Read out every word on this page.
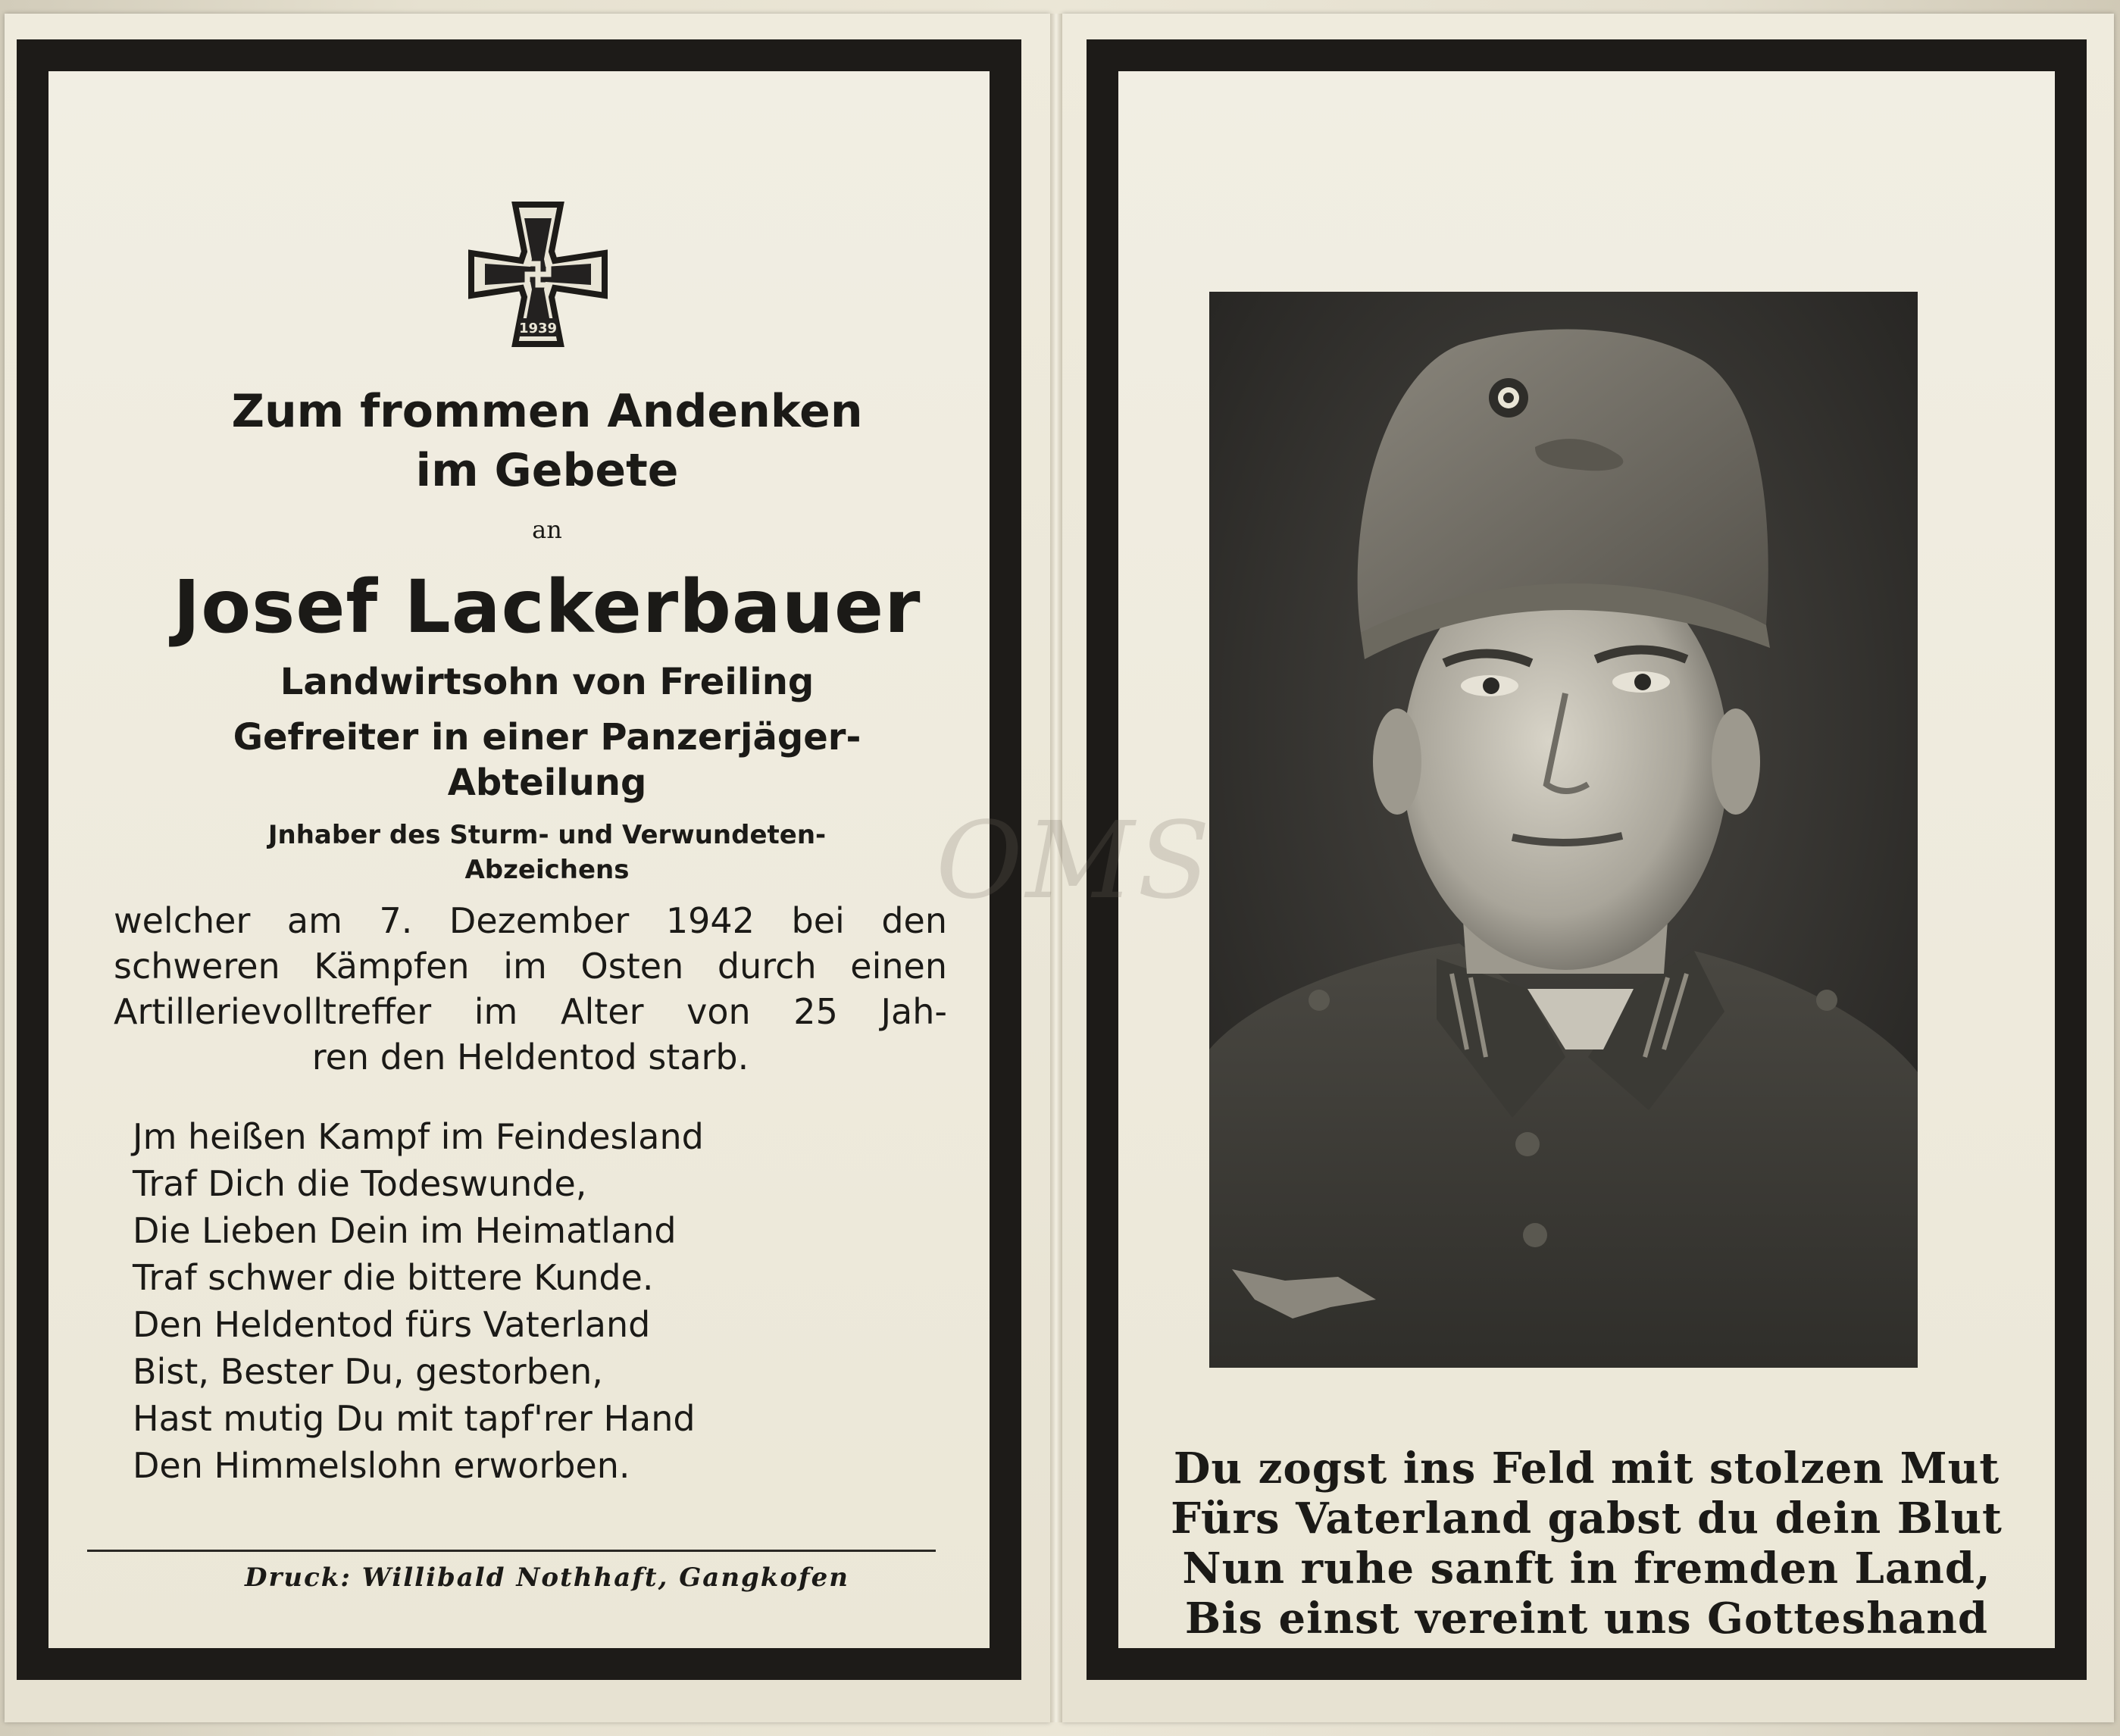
1939

Zum frommen Andenken

im Gebete

an

Josef Lackerbauer

Landwirtsohn von Freiling

Gefreiter in einer Panzerjäger-

Abteilung

Jnhaber des Sturm- und Verwundeten-

Abzeichens

welcher am 7. Dezember 1942 bei den

schweren Kämpfen im Osten durch einen

Artillerievolltreffer im Alter von 25 Jah-

ren den Heldentod starb.

Jm heißen Kampf im Feindesland

Traf Dich die Todeswunde,

Die Lieben Dein im Heimatland

Traf schwer die bittere Kunde.

Den Heldentod fürs Vaterland

Bist, Bester Du, gestorben,

Hast mutig Du mit tapf'rer Hand

Den Himmelslohn erworben.

Druck: Willibald Nothhaft, Gangkofen

Du zogst ins Feld mit stolzen Mut

Fürs Vaterland gabst du dein Blut

Nun ruhe sanft in fremden Land,

Bis einst vereint uns Gotteshand

OMS
